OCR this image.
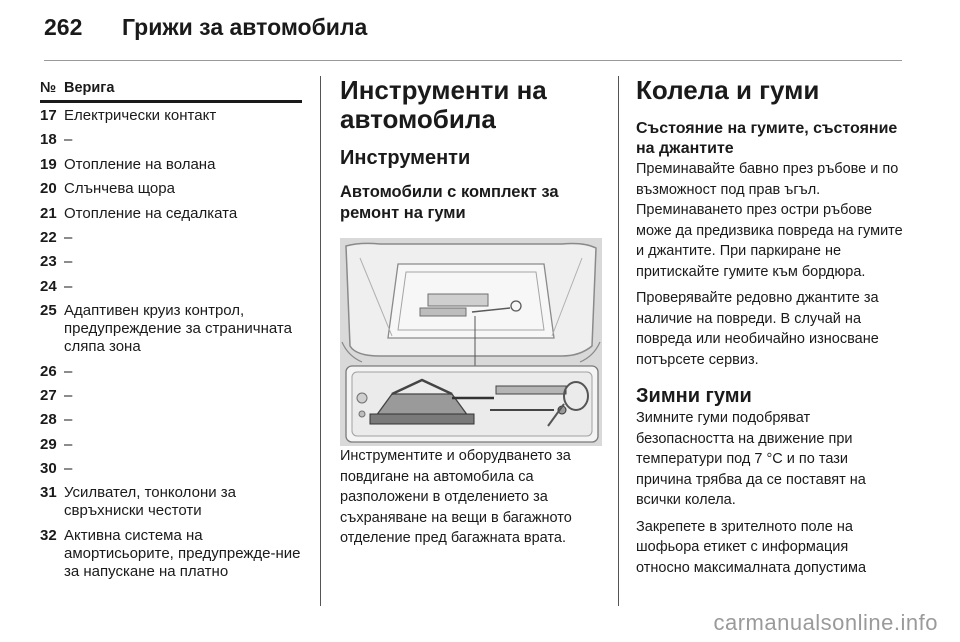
262	Грижи за автомобила
№ Верига
17 Електрически контакт
18 –
19 Отопление на волана
20 Слънчева щора
21 Отопление на седалката
22 –
23 –
24 –
25 Адаптивен круиз контрол, предупреждение за страничната сляпа зона
26 –
27 –
28 –
29 –
30 –
31 Усилвател, тонколони за свръхниски честоти
32 Активна система на амортисьорите, предупрежде-ние за напускане на платно
Инструменти на автомобила
Инструменти
Автомобили с комплект за ремонт на гуми

Инструментите и оборудването за повдигане на автомобила са разположени в отделението за съхраняване на вещи в багажното отделение пред багажната врата.

Колела и гуми
Състояние на гумите, състояние на джантите

Преминавайте бавно през ръбове и по възможност под прав ъгъл. Преминаването през остри ръбове може да предизвика повреда на гумите и джантите. При паркиране не притискайте гумите към бордюра.

Проверявайте редовно джантите за наличие на повреди. В случай на повреда или необичайно износване потърсете сервиз.

Зимни гуми

Зимните гуми подобряват безопасността на движение при температури под 7 °C и по тази причина трябва да се поставят на всички колела.

Закрепете в зрителното поле на шофьора етикет с информация относно максималната допустима

carmanualsonline.info
